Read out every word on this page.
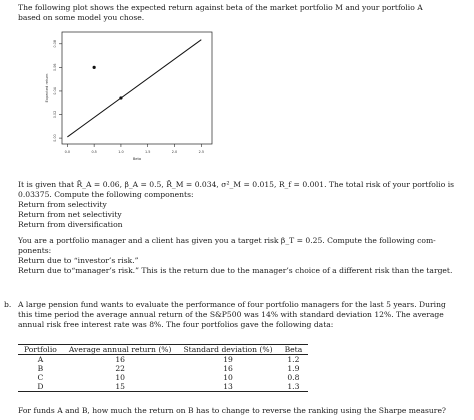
The following plot shows the expected return against beta of the market portfolio M and your portfolio A
based on some model you chose.
0.0	0.5	1.0	1.5	2.0	2.5
0.00
0.02
0.04
0.06
0.08
Beta
Expected return
It is given that R̄_A = 0.06, β_A = 0.5, R̄_M = 0.034, σ²_M = 0.015, R_f = 0.001. The total risk of your portfolio is
0.03375. Compute the following components:
Return from selectivity
Return from net selectivity
Return from diversification
You are a portfolio manager and a client has given you a target risk β_T = 0.25. Compute the following com-
ponents:
Return due to “investor’s risk.”
Return due to“manager’s risk.” This is the return due to the manager’s choice of a different risk than the target.
b. A large pension fund wants to evaluate the performance of four portfolio managers for the last 5 years. During
this time period the average annual return of the S&P500 was 14% with standard deviation 12%. The average
annual risk free interest rate was 8%. The four portfolios gave the following data:
Portfolio	Average annual return (%)	Standard deviation (%)	Beta
A	16	19	1.2
B	22	16	1.9
C	10	10	0.8
D	15	13	1.3
For funds A and B, how much the return on B has to change to reverse the ranking using the Sharpe measure?
